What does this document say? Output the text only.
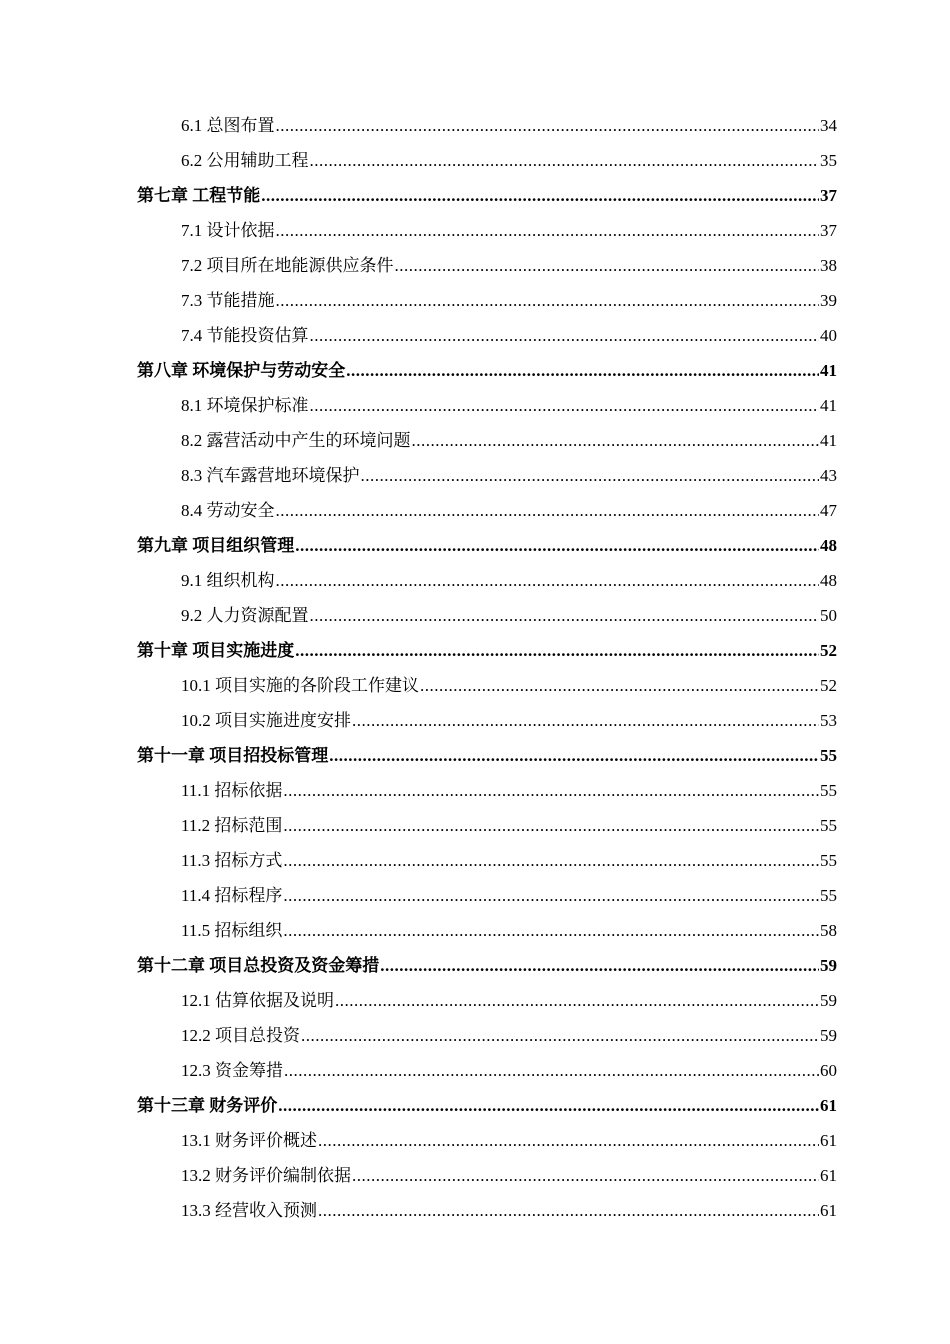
6.1 总图布置 .....	34
6.2 公用辅助工程 .....	35
第七章 工程节能 .....	37
7.1 设计依据 .....	37
7.2 项目所在地能源供应条件 .....	38
7.3 节能措施 .....	39
7.4 节能投资估算 .....	40
第八章 环境保护与劳动安全 .....	41
8.1 环境保护标准 .....	41
8.2 露营活动中产生的环境问题 .....	41
8.3 汽车露营地环境保护 .....	43
8.4 劳动安全 .....	47
第九章 项目组织管理 .....	48
9.1 组织机构 .....	48
9.2 人力资源配置 .....	50
第十章 项目实施进度 .....	52
10.1 项目实施的各阶段工作建议 .....	52
10.2 项目实施进度安排 .....	53
第十一章 项目招投标管理 .....	55
11.1 招标依据 .....	55
11.2 招标范围 .....	55
11.3 招标方式 .....	55
11.4 招标程序 .....	55
11.5 招标组织 .....	58
第十二章 项目总投资及资金筹措 .....	59
12.1 估算依据及说明 .....	59
12.2 项目总投资 .....	59
12.3 资金筹措 .....	60
第十三章 财务评价 .....	61
13.1 财务评价概述 .....	61
13.2 财务评价编制依据 .....	61
13.3 经营收入预测 .....	61
